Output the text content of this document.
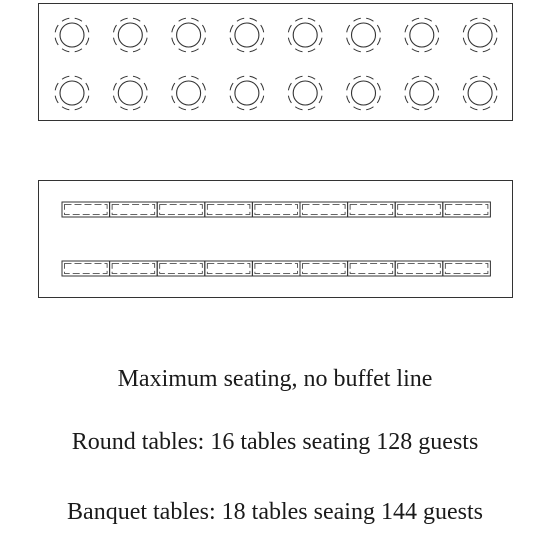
Maximum seating, no buffet line

Round tables: 16 tables seating 128 guests

Banquet tables: 18 tables seaing 144 guests
